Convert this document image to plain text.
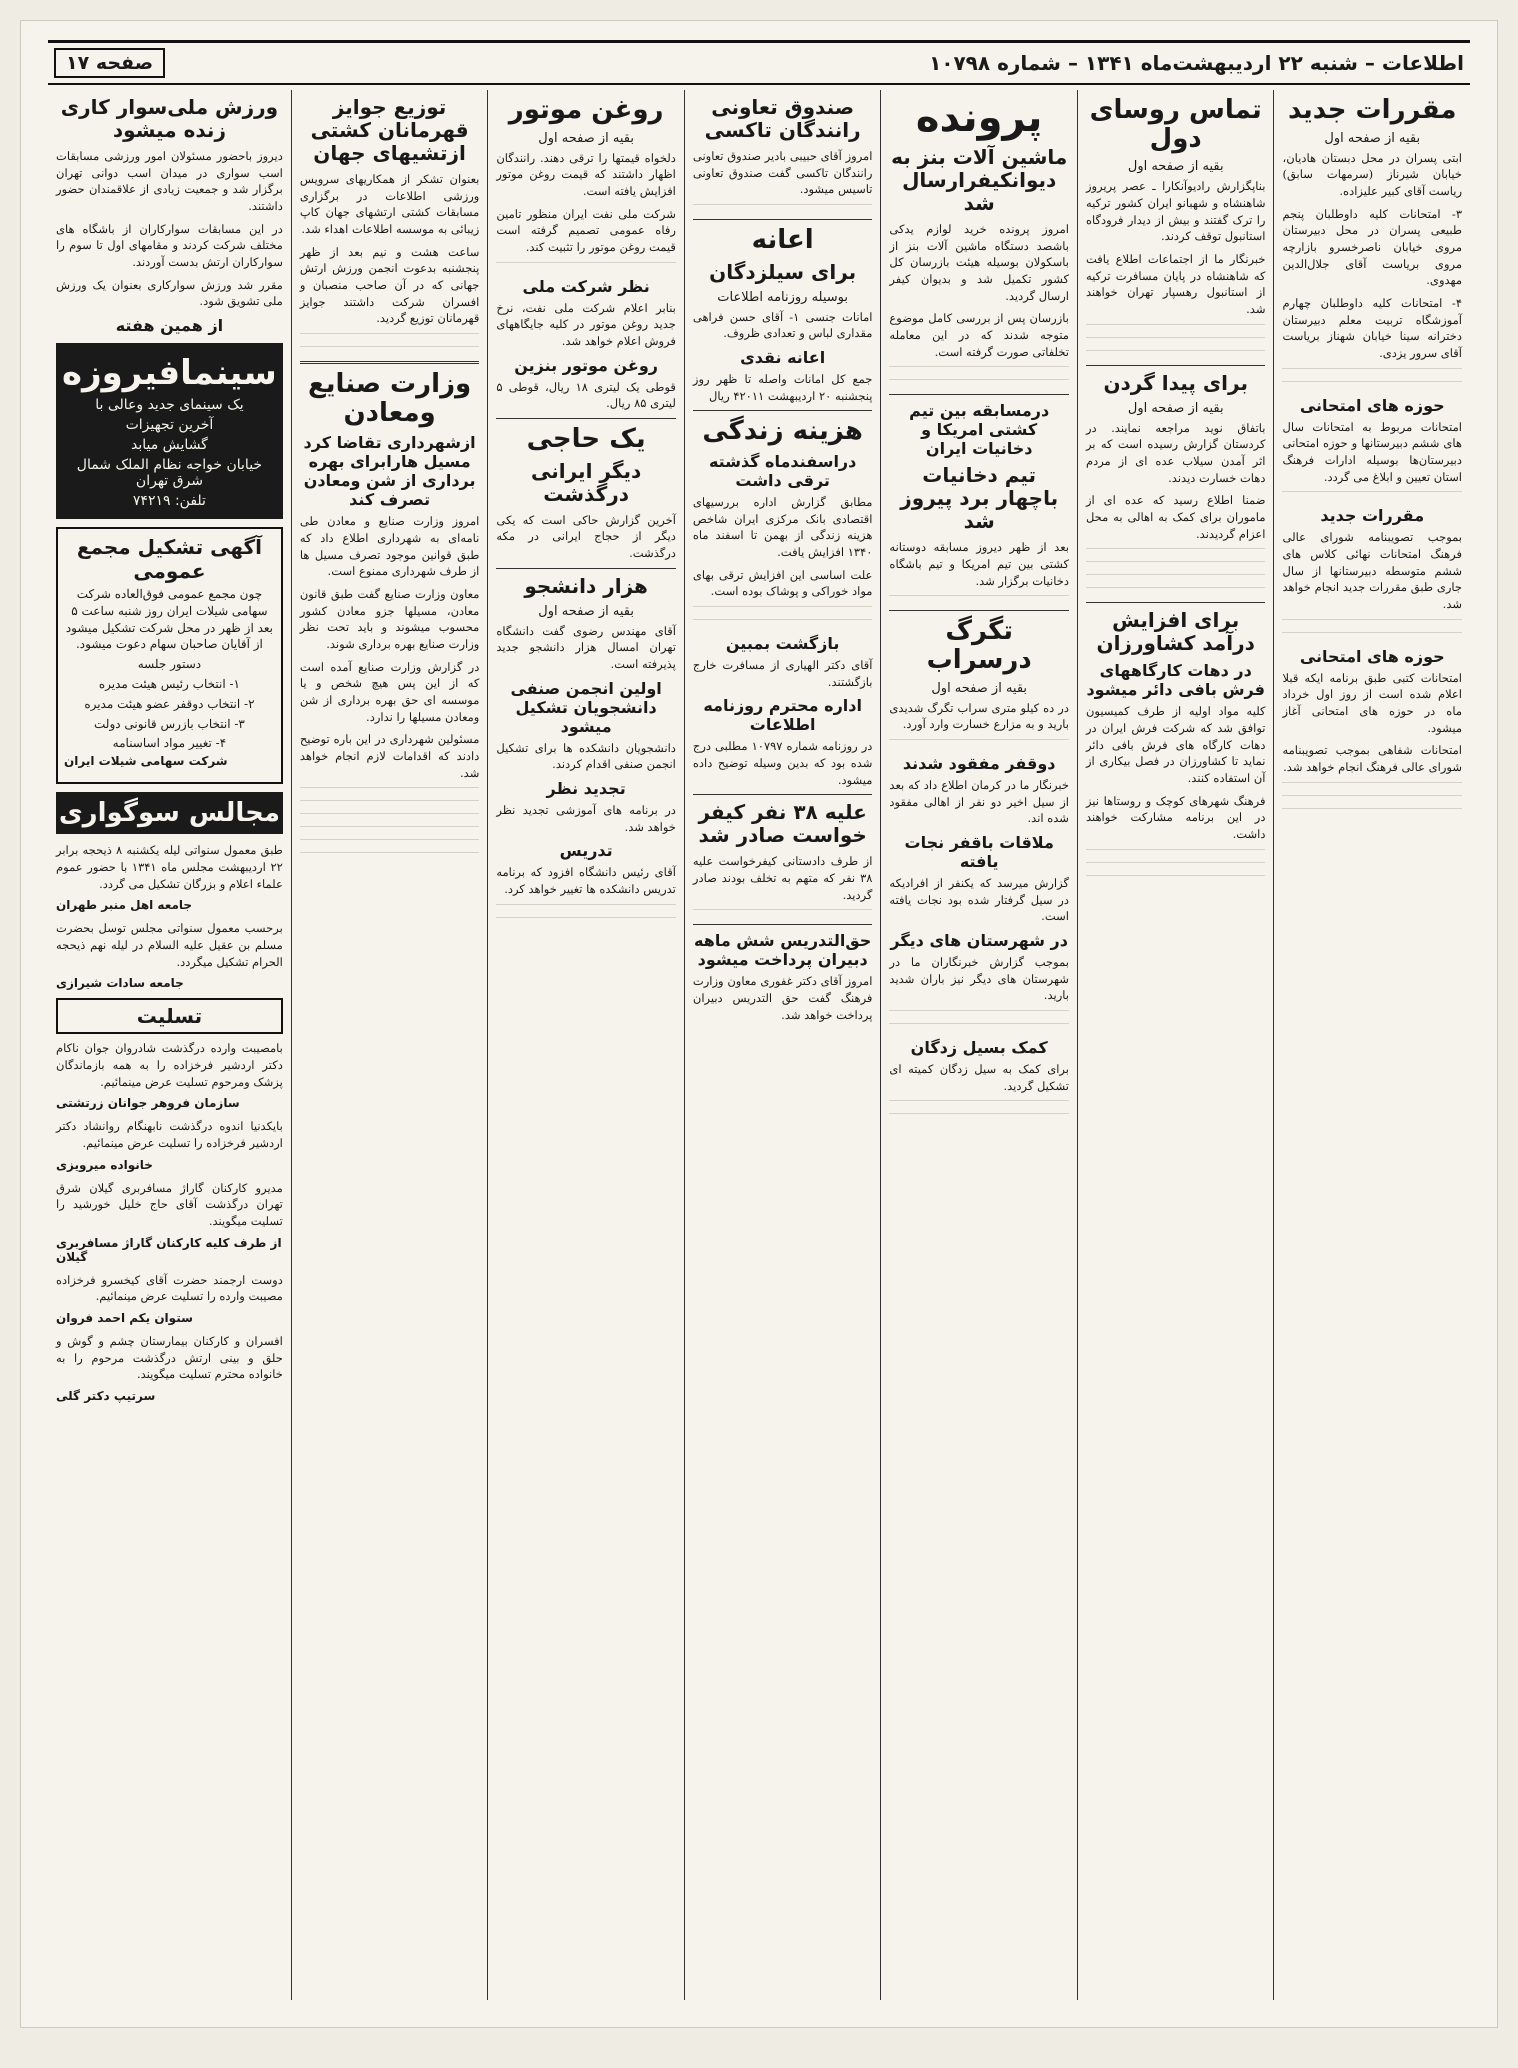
اطلاعات – شنبه ۲۲ اردیبهشت‌ماه ۱۳۴۱ – شماره ۱۰۷۹۸
صفحه ۱۷
مقررات جدید
بقیه از صفحه اول

ابتی پسران در محل دبستان هادیان، خیابان شیرناز (سرمهات سابق) ریاست آقای کبیر علیزاده.

۳- امتحانات کلیه داوطلبان پنجم طبیعی پسران در محل دبیرستان مروی خیابان ناصرخسرو بازارچه مروی بریاست آقای جلال‌الدین مهدوی.

۴- امتحانات کلیه داوطلبان چهارم آموزشگاه تربیت معلم دبیرستان دخترانه سینا خیابان شهناز بریاست آقای سرور یزدی.

حوزه های امتحانی

امتحانات مربوط به امتحانات سال های ششم دبیرستانها و حوزه امتحانی دبیرستان‌ها بوسیله ادارات فرهنگ استان تعیین و ابلاغ می گردد.

مقررات جدید

بموجب تصویبنامه شورای عالی فرهنگ امتحانات نهائی کلاس های ششم متوسطه دبیرستانها از سال جاری طبق مقررات جدید انجام خواهد شد.

حوزه های امتحانی

امتحانات کتبی طبق برنامه ایکه قبلا اعلام شده است از روز اول خرداد ماه در حوزه های امتحانی آغاز میشود.

امتحانات شفاهی بموجب تصویبنامه شورای عالی فرهنگ انجام خواهد شد.

تماس روسای دول
بقیه از صفحه اول

بناپگزارش رادیوآنکارا ـ عصر پریروز شاهنشاه و شهبانو ایران کشور ترکیه را ترک گفتند و بیش از دیدار فرودگاه استانبول توقف کردند.

خبرنگار ما از اجتماعات اطلاع یافت که شاهنشاه در پایان مسافرت ترکیه از استانبول رهسپار تهران خواهند شد.

برای پیدا گردن
بقیه از صفحه اول

باتفاق نوید مراجعه نمایند. در کردستان گزارش رسیده است که بر اثر آمدن سیلاب عده ای از مردم دهات خسارت دیدند.

ضمنا اطلاع رسید که عده ای از ماموران برای کمک به اهالی به محل اعزام گردیدند.

برای افزایش درآمد کشاورزان
در دهات کارگاههای فرش بافی دائر میشود

کلیه مواد اولیه از طرف کمیسیون توافق شد که شرکت فرش ایران در دهات کارگاه های فرش بافی دائر نماید تا کشاورزان در فصل بیکاری از آن استفاده کنند.

فرهنگ شهرهای کوچک و روستاها نیز در این برنامه مشارکت خواهند داشت.

پرونده
ماشین آلات بنز به دیوانکیفرارسال شد

امروز پرونده خرید لوازم یدکی باشصد دستگاه ماشین آلات بنز از باسکولان بوسیله هیئت بازرسان کل کشور تکمیل شد و بدیوان کیفر ارسال گردید.

بازرسان پس از بررسی کامل موضوع متوجه شدند که در این معامله تخلفاتی صورت گرفته است.

درمسابقه بین تیم کشتی امریکا و دخانیات ایران
تیم دخانیات باچهار برد پیروز شد

بعد از ظهر دیروز مسابقه دوستانه کشتی بین تیم امریکا و تیم باشگاه دخانیات برگزار شد.

تگرگ درسراب
بقیه از صفحه اول

در ده کیلو متری سراب تگرگ شدیدی بارید و به مزارع خسارت وارد آورد.

دوقفر مفقود شدند

خبرنگار ما در کرمان اطلاع داد که بعد از سیل اخیر دو نفر از اهالی مفقود شده اند.

ملاقات باقفر نجات یافته

گزارش میرسد که یکنفر از افرادیکه در سیل گرفتار شده بود نجات یافته است.

در شهرستان های دیگر

بموجب گزارش خبرنگاران ما در شهرستان های دیگر نیز باران شدید بارید.

کمک بسیل زدگان

برای کمک به سیل زدگان کمیته ای تشکیل گردید.

صندوق تعاونی رانندگان تاکسی

امروز آقای حبیبی بادیر صندوق تعاونی رانندگان تاکسی گفت صندوق تعاونی تاسیس میشود.

اعانه
برای سیلزدگان
بوسیله روزنامه اطلاعات

امانات جنسی ۱- آقای حسن فراهی مقداری لباس و تعدادی ظروف.

اعانه نقدی

جمع کل امانات واصله تا ظهر روز پنجشنبه ۲۰ اردیبهشت ۴۲۰۱۱ ریال

هزینه زندگی
دراسفندماه گذشته ترقی داشت

مطابق گزارش اداره بررسیهای اقتصادی بانک مرکزی ایران شاخص هزینه زندگی از بهمن تا اسفند ماه ۱۳۴۰ افزایش یافت.

علت اساسی این افزایش ترقی بهای مواد خوراکی و پوشاک بوده است.

بازگشت بمبین

آقای دکتر الهیاری از مسافرت خارج بازگشتند.

اداره محترم روزنامه اطلاعات

در روزنامه شماره ۱۰۷۹۷ مطلبی درج شده بود که بدین وسیله توضیح داده میشود.

علیه ۳۸ نفر کیفر خواست صادر شد

از طرف دادستانی کیفرخواست علیه ۳۸ نفر که متهم به تخلف بودند صادر گردید.

حق‌التدریس شش ماهه دبیران پرداخت میشود

امروز آقای دکتر غفوری معاون وزارت فرهنگ گفت حق التدریس دبیران پرداخت خواهد شد.

روغن موتور
بقیه از صفحه اول

دلخواه قیمتها را ترقی دهند. رانندگان اظهار داشتند که قیمت روغن موتور افزایش یافته است.

شرکت ملی نفت ایران منظور تامین رفاه عمومی تصمیم گرفته است قیمت روغن موتور را تثبیت کند.

نظر شرکت ملی

بنابر اعلام شرکت ملی نفت، نرخ جدید روغن موتور در کلیه جایگاههای فروش اعلام خواهد شد.

روغن موتور بنزین

قوطی یک لیتری ۱۸ ریال، قوطی ۵ لیتری ۸۵ ریال.

یک حاجی
دیگر ایرانی درگذشت

آخرین گزارش حاکی است که یکی دیگر از حجاج ایرانی در مکه درگذشت.

هزار دانشجو
بقیه از صفحه اول

آقای مهندس رضوی گفت دانشگاه تهران امسال هزار دانشجو جدید پذیرفته است.

اولین انجمن صنفی دانشجویان تشکیل میشود

دانشجویان دانشکده ها برای تشکیل انجمن صنفی اقدام کردند.

تجدید نظر

در برنامه های آموزشی تجدید نظر خواهد شد.

تدریس

آقای رئیس دانشگاه افزود که برنامه تدریس دانشکده ها تغییر خواهد کرد.

توزیع جوایز قهرمانان کشتی ازتشیهای جهان

بعنوان تشکر از همکاریهای سرویس ورزشی اطلاعات در برگزاری مسابقات کشتی ارتشهای جهان کاپ زیبائی به موسسه اطلاعات اهداء شد.

ساعت هشت و نیم بعد از ظهر پنجشنبه بدعوت انجمن ورزش ارتش جهانی که در آن صاحب منصبان و افسران شرکت داشتند جوایز قهرمانان توزیع گردید.

وزارت صنایع ومعادن
ازشهرداری تقاضا کرد مسیل هارابرای بهره برداری از شن ومعادن تصرف کند

امروز وزارت صنایع و معادن طی نامه‌ای به شهرداری اطلاع داد که طبق قوانین موجود تصرف مسیل ها از طرف شهرداری ممنوع است.

معاون وزارت صنایع گفت طبق قانون معادن، مسیلها جزو معادن کشور محسوب میشوند و باید تحت نظر وزارت صنایع بهره برداری شوند.

در گزارش وزارت صنایع آمده است که از این پس هیچ شخص و یا موسسه ای حق بهره برداری از شن ومعادن مسیلها را ندارد.

مسئولین شهرداری در این باره توضیح دادند که اقدامات لازم انجام خواهد شد.

ورزش ملی‌سوار کاری زنده میشود

دیروز باحضور مسئولان امور ورزشی مسابقات اسب سواری در میدان اسب دوانی تهران برگزار شد و جمعیت زیادی از علاقمندان حضور داشتند.

در این مسابقات سوارکاران از باشگاه های مختلف شرکت کردند و مقامهای اول تا سوم را سوارکاران ارتش بدست آوردند.

مقرر شد ورزش سوارکاری بعنوان یک ورزش ملی تشویق شود.

از همین هفته
سینمافیروزه
یک سینمای جدید وعالی با
آخرین تجهیزات
گشایش میابد
خیابان خواجه نظام الملک شمال شرق تهران
تلفن: ۷۴۲۱۹
آگهی تشکیل مجمع عمومی
چون مجمع عمومی فوق‌العاده شرکت سهامی شیلات ایران روز شنبه ساعت ۵ بعد از ظهر در محل شرکت تشکیل میشود از آقایان صاحبان سهام دعوت میشود.
دستور جلسه
۱- انتخاب رئیس هیئت مدیره
۲- انتخاب دوقفر عضو هیئت مدیره
۳- انتخاب بازرس قانونی دولت
۴- تغییر مواد اساسنامه
شرکت سهامی شیلات ایران
مجالس سوگواری

طبق معمول سنواتی لیله یکشنبه ۸ ذیحجه برابر ۲۲ اردیبهشت مجلس ماه ۱۳۴۱ با حضور عموم علماء اعلام و بزرگان تشکیل می گردد.

جامعه اهل منبر طهران

برحسب معمول سنواتی مجلس توسل بحضرت مسلم بن عقیل علیه السلام در لیله نهم ذیحجه الحرام تشکیل میگردد.

جامعه سادات شیرازی
تسلیت

بامصیبت وارده درگذشت شادروان جوان ناکام دکتر اردشیر فرخزاده را به همه بازماندگان پزشک ومرحوم تسلیت عرض مینمائیم.

سازمان فروهر جوانان زرتشتی

بایکدنیا اندوه درگذشت نابهنگام روانشاد دکتر اردشیر فرخزاده را تسلیت عرض مینمائیم.

خانواده میرویزی

مدیرو کارکنان گاراژ مسافربری گیلان شرق تهران درگذشت آقای حاج خلیل خورشید را تسلیت میگویند.

از طرف کلیه کارکنان گاراژ مسافربری گیلان

دوست ارجمند حضرت آقای کیخسرو فرخزاده مصیبت وارده را تسلیت عرض مینمائیم.

ستوان یکم احمد فروان

افسران و کارکنان بیمارستان چشم و گوش و حلق و بینی ارتش درگذشت مرحوم را به خانواده محترم تسلیت میگویند.

سرتیپ دکتر گلی
